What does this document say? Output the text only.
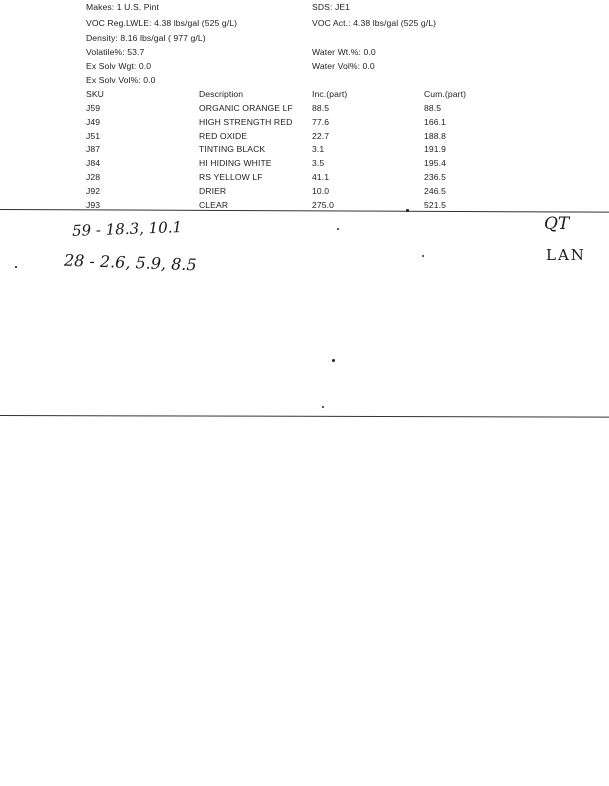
Makes: 1 U.S. Pint	SDS: JE1
VOC Reg.LWLE: 4.38 lbs/gal (525 g/L)	VOC Act.: 4.38 lbs/gal (525 g/L)
Density: 8.16 lbs/gal ( 977 g/L)
Volatile%: 53.7	Water Wt.%: 0.0
Ex Solv Wgt: 0.0	Water Vol%: 0.0
Ex Solv Vol%: 0.0
SKU	Description	Inc.(part)	Cum.(part)
J59	ORGANIC ORANGE LF 88.5	88.5
J49	HIGH STRENGTH RED 77.6	166.1
J51	RED OXIDE	22.7	188.8
J87	TINTING BLACK	3.1	191.9
J84	HI HIDING WHITE	3.5	195.4
J28	RS YELLOW LF	41.1	236.5
J92	DRIER	10.0	246.5
J93	CLEAR	275.0	521.5
59 - 18.3, 10.1
28 - 2.6, 5.9, 8.5
QT
LAN
